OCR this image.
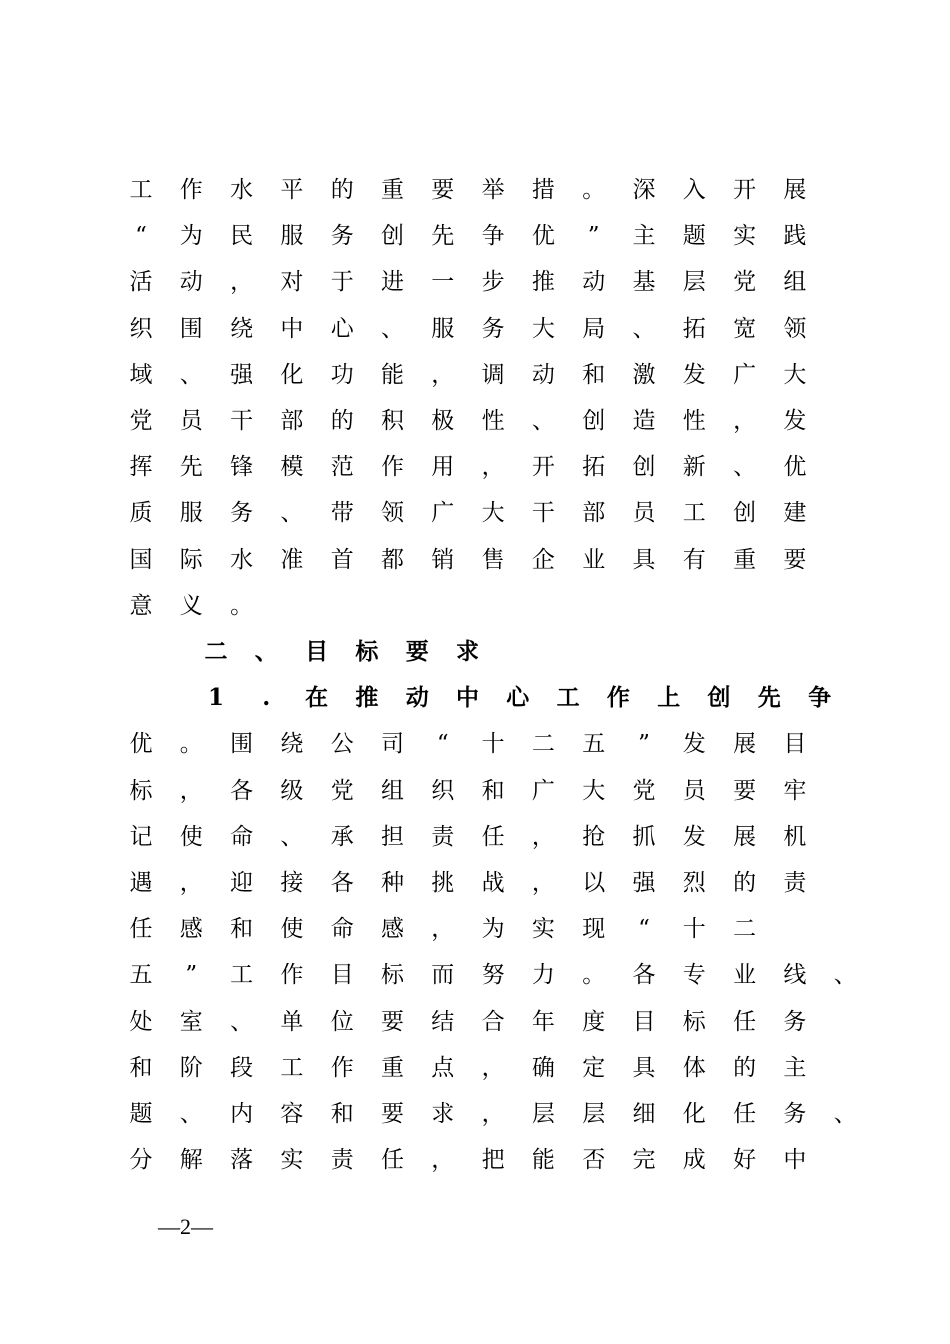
工 作 水 平 的 重 要 举 措 。 深 入 开 展
“	为 民 服 务 创 先 争 优	”	主 题 实 践
活 动 ， 对 于 进 一 步 推 动 基 层 党 组
织 围 绕 中 心 、 服 务 大 局 、 拓 宽 领
域 、 强 化 功 能 ， 调 动 和 激 发 广 大
党 员 干 部 的 积 极 性 、 创 造 性 ， 发
挥 先 锋 模 范 作 用 ， 开 拓 创 新 、 优
质 服 务 、 带 领 广 大 干 部 员 工 创 建
国 际 水 准 首 都 销 售 企 业 具 有 重 要
意 义 。
二 、 目 标 要 求
1	.	在 推 动 中 心 工 作 上 创 先 争
优 。 围 绕 公 司	“	十 二 五	”	发 展 目
标 ， 各 级 党 组 织 和 广 大 党 员 要 牢
记 使 命 、 承 担 责 任 ， 抢 抓 发 展 机
遇 ， 迎 接 各 种 挑 战 ， 以 强 烈 的 责
任 感 和 使 命 感 ， 为 实 现	“	十 二
五	”	工 作 目 标 而 努 力 。 各 专 业 线 、
处 室 、 单 位 要 结 合 年 度 目 标 任 务
和 阶 段 工 作 重 点 ， 确 定 具 体 的 主
题 、 内 容 和 要 求 ， 层 层 细 化 任 务 、
分 解 落 实 责 任 ， 把 能 否 完 成 好 中
—2—
